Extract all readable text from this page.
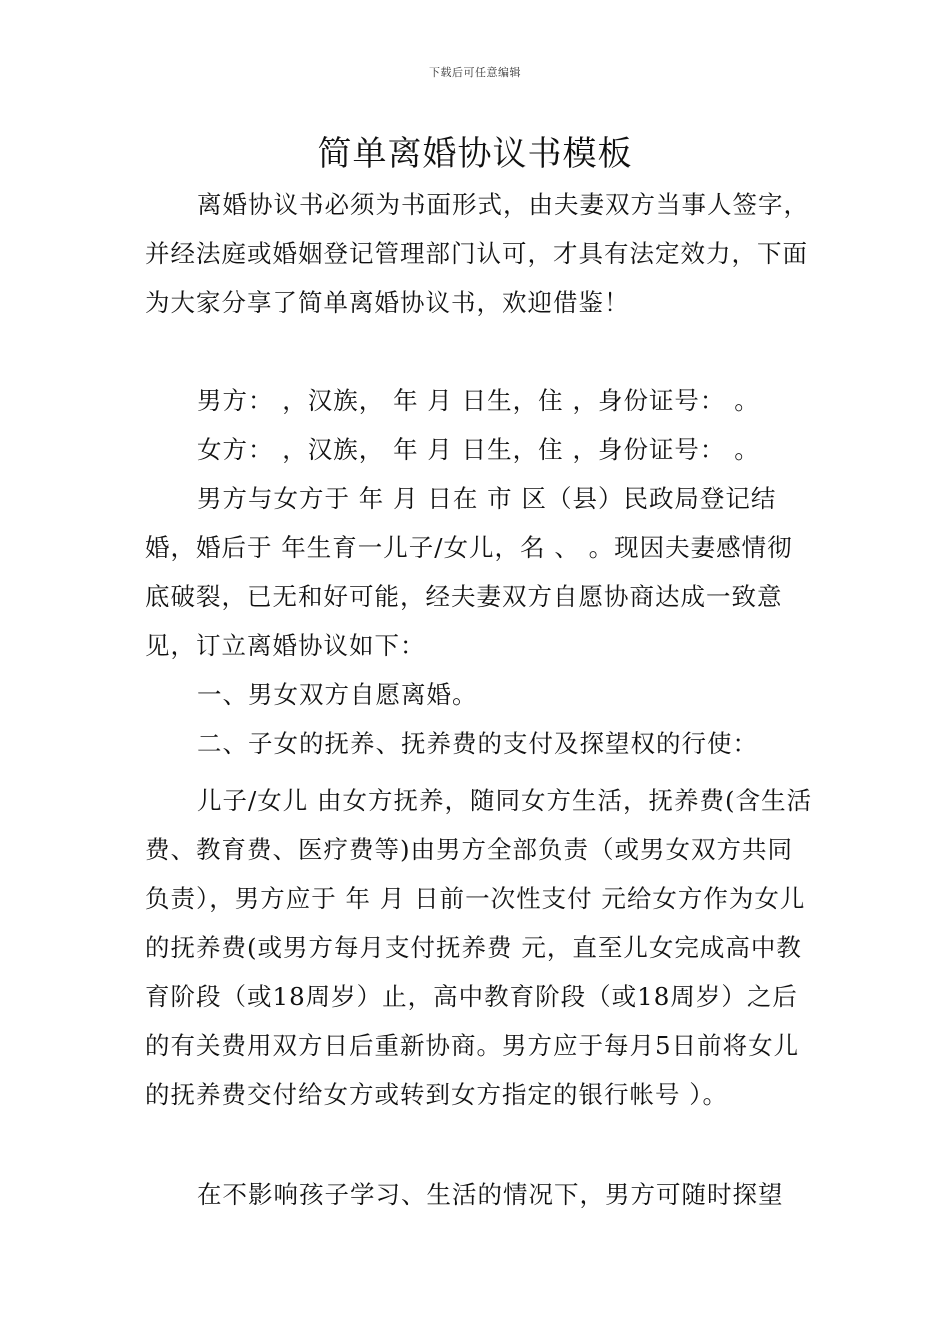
下载后可任意编辑
简单离婚协议书模板

离婚协议书必须为书面形式，由夫妻双方当事人签字，并经法庭或婚姻登记管理部门认可，才具有法定效力，下面为大家分享了简单离婚协议书，欢迎借鉴！

男方： ，汉族， 年 月 日生，住 ，身份证号： 。

女方： ，汉族， 年 月 日生，住 ，身份证号： 。

男方与女方于 年 月 日在 市 区（县）民政局登记结婚，婚后于 年生育一儿子/女儿，名 、 。现因夫妻感情彻底破裂，已无和好可能，经夫妻双方自愿协商达成一致意见，订立离婚协议如下：

一、男女双方自愿离婚。

二、子女的抚养、抚养费的支付及探望权的行使：

儿子/女儿 由女方抚养，随同女方生活，抚养费(含生活费、教育费、医疗费等)由男方全部负责（或男女双方共同负责），男方应于 年 月 日前一次性支付 元给女方作为女儿的抚养费(或男方每月支付抚养费 元，直至儿女完成高中教育阶段（或18周岁）止，高中教育阶段（或18周岁）之后的有关费用双方日后重新协商。男方应于每月5日前将女儿的抚养费交付给女方或转到女方指定的银行帐号 ）。

在不影响孩子学习、生活的情况下，男方可随时探望
